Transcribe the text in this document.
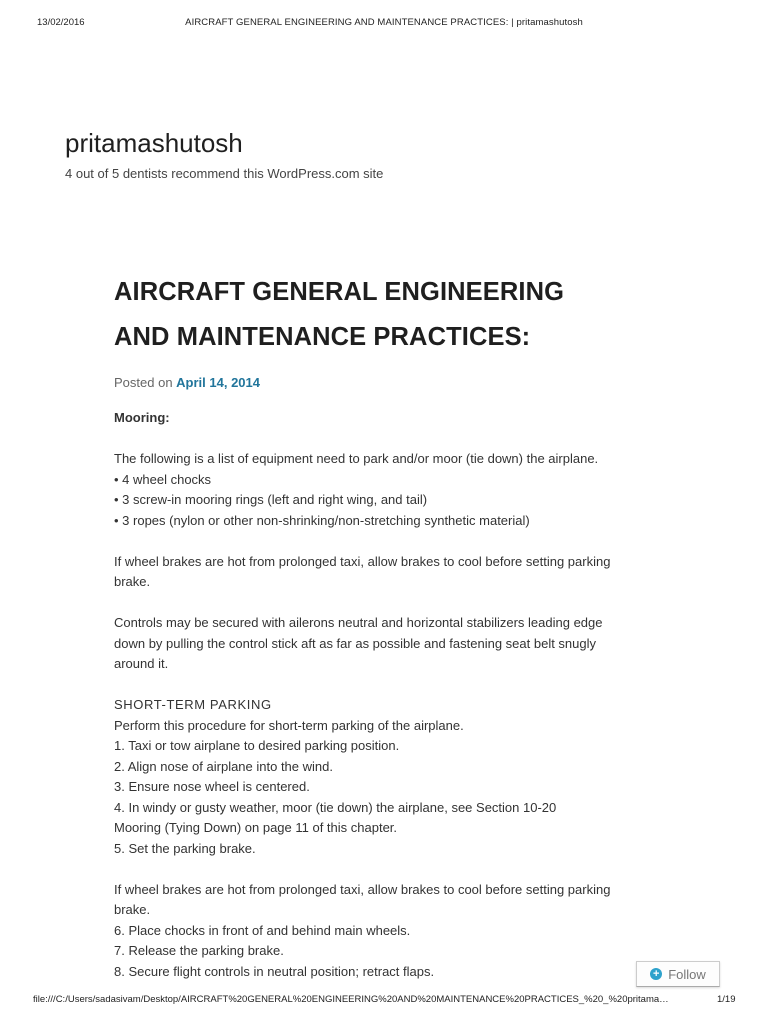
13/02/2016	AIRCRAFT GENERAL ENGINEERING AND MAINTENANCE PRACTICES: | pritamashutosh
pritamashutosh
4 out of 5 dentists recommend this WordPress.com site
AIRCRAFT GENERAL ENGINEERING
AND MAINTENANCE PRACTICES:
Posted on April 14, 2014

Mooring:

The following is a list of equipment need to park and/or moor (tie down) the airplane.
• 4 wheel chocks
• 3 screw-in mooring rings (left and right wing, and tail)
• 3 ropes (nylon or other non-shrinking/non-stretching synthetic material)

If wheel brakes are hot from prolonged taxi, allow brakes to cool before setting parking
brake.

Controls may be secured with ailerons neutral and horizontal stabilizers leading edge
down by pulling the control stick aft as far as possible and fastening seat belt snugly
around it.

SHORT-TERM PARKING
Perform this procedure for short-term parking of the airplane.
1. Taxi or tow airplane to desired parking position.
2. Align nose of airplane into the wind.
3. Ensure nose wheel is centered.
4. In windy or gusty weather, moor (tie down) the airplane, see Section 10-20
Mooring (Tying Down) on page 11 of this chapter.
5. Set the parking brake.

If wheel brakes are hot from prolonged taxi, allow brakes to cool before setting parking
brake.
6. Place chocks in front of and behind main wheels.
7. Release the parking brake.
8. Secure flight controls in neutral position; retract flaps.	+ Follow
file:///C:/Users/sadasivam/Desktop/AIRCRAFT%20GENERAL%20ENGINEERING%20AND%20MAINTENANCE%20PRACTICES_%20_%20pritama…	1/19
